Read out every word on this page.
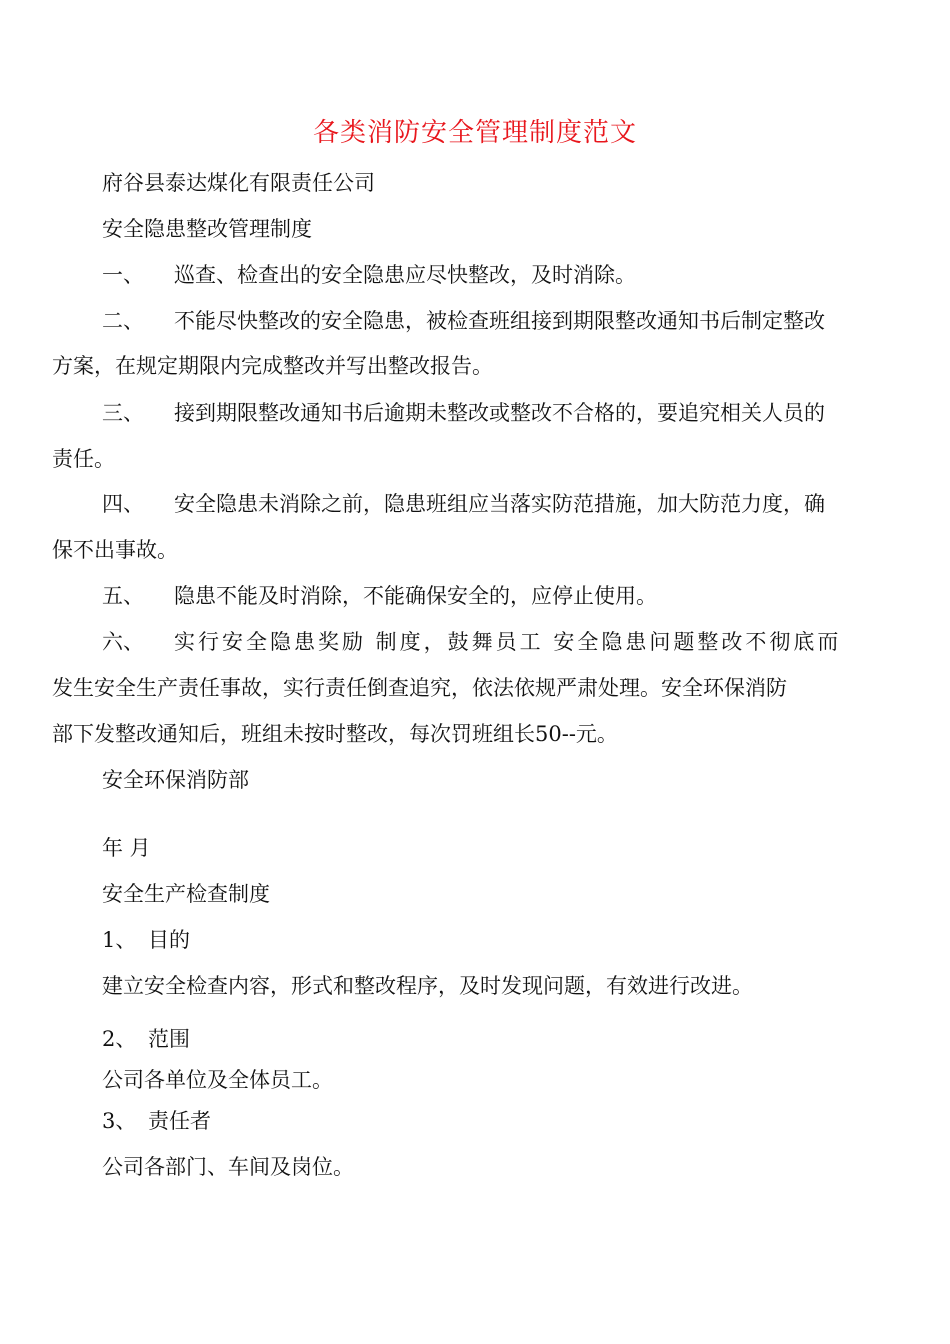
各类消防安全管理制度范文
府谷县泰达煤化有限责任公司
安全隐患整改管理制度
一、 巡查、检查出的安全隐患应尽快整改，及时消除。
二、 不能尽快整改的安全隐患，被检查班组接到期限整改通知书后制定整改
方案，在规定期限内完成整改并写出整改报告。
三、 接到期限整改通知书后逾期未整改或整改不合格的，要追究相关人员的
责任。
四、 安全隐患未消除之前，隐患班组应当落实防范措施，加大防范力度，确
保不出事故。
五、 隐患不能及时消除，不能确保安全的，应停止使用。
六、 实行安全隐患奖励 制度，鼓舞员工 安全隐患问题整改不彻底而
发生安全生产责任事故，实行责任倒查追究，依法依规严肃处理。安全环保消防
部下发整改通知后，班组未按时整改，每次罚班组长50--元。
安全环保消防部
年 月
安全生产检查制度
1、 目的
建立安全检查内容，形式和整改程序，及时发现问题，有效进行改进。
2、 范围
公司各单位及全体员工。
3、 责任者
公司各部门、车间及岗位。
